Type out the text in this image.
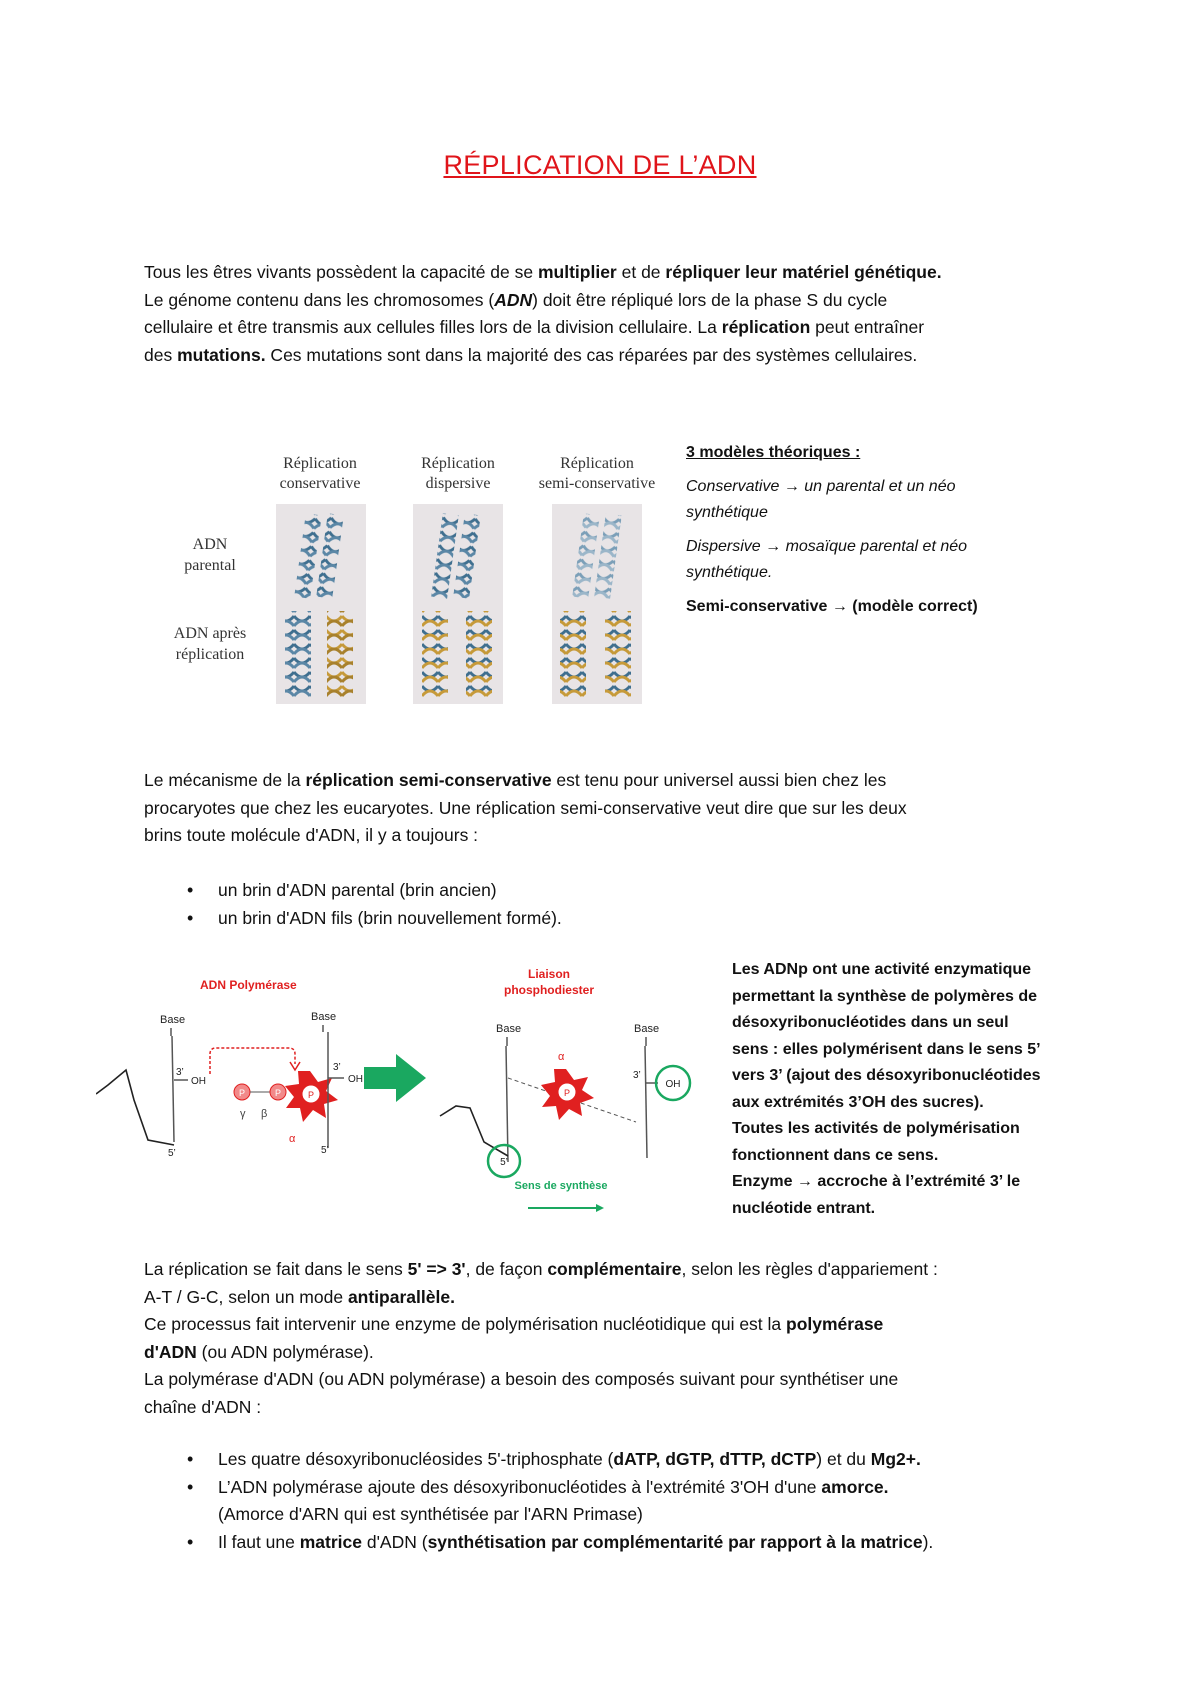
RÉPLICATION DE L’ADN

Tous les êtres vivants possèdent la capacité de se multiplier et de répliquer leur matériel génétique.

Le génome contenu dans les chromosomes (ADN) doit être répliqué lors de la phase S du cycle

cellulaire et être transmis aux cellules filles lors de la division cellulaire. La réplication peut entraîner

des mutations. Ces mutations sont dans la majorité des cas réparées par des systèmes cellulaires.

Réplication
conservative
Réplication
dispersive
Réplication
semi-conservative
ADN
parental
ADN après
réplication

3 modèles théoriques :

Conservative → un parental et un néo
synthétique

Dispersive → mosaïque parental et néo
synthétique.

Semi-conservative → (modèle correct)

Le mécanisme de la réplication semi-conservative est tenu pour universel aussi bien chez les

procaryotes que chez les eucaryotes. Une réplication semi-conservative veut dire que sur les deux

brins toute molécule d'ADN, il y a toujours :

• un brin d'ADN parental (brin ancien)
• un brin d'ADN fils (brin nouvellement formé).
ADN Polymérase
Base
3’
OH
5’
P	P
γ β
P
α
Base
3’
OH
5’
Liaison
phosphodiester
Base
5’
α
P
Base
3’
OH
Sens de synthèse

Les ADNp ont une activité enzymatique

permettant la synthèse de polymères de

désoxyribonucléotides dans un seul

sens : elles polymérisent dans le sens 5’

vers 3’ (ajout des désoxyribonucléotides

aux extrémités 3’OH des sucres).

Toutes les activités de polymérisation

fonctionnent dans ce sens.

Enzyme → accroche à l’extrémité 3’ le

nucléotide entrant.

La réplication se fait dans le sens 5' => 3', de façon complémentaire, selon les règles d'appariement :

A-T / G-C, selon un mode antiparallèle.

Ce processus fait intervenir une enzyme de polymérisation nucléotidique qui est la polymérase

d'ADN (ou ADN polymérase).

La polymérase d'ADN (ou ADN polymérase) a besoin des composés suivant pour synthétiser une

chaîne d'ADN :

• Les quatre désoxyribonucléosides 5'-triphosphate (dATP, dGTP, dTTP, dCTP) et du Mg2+.
• L’ADN polymérase ajoute des désoxyribonucléotides à l'extrémité 3'OH d'une amorce.
(Amorce d'ARN qui est synthétisée par l'ARN Primase)
• Il faut une matrice d'ADN (synthétisation par complémentarité par rapport à la matrice).
